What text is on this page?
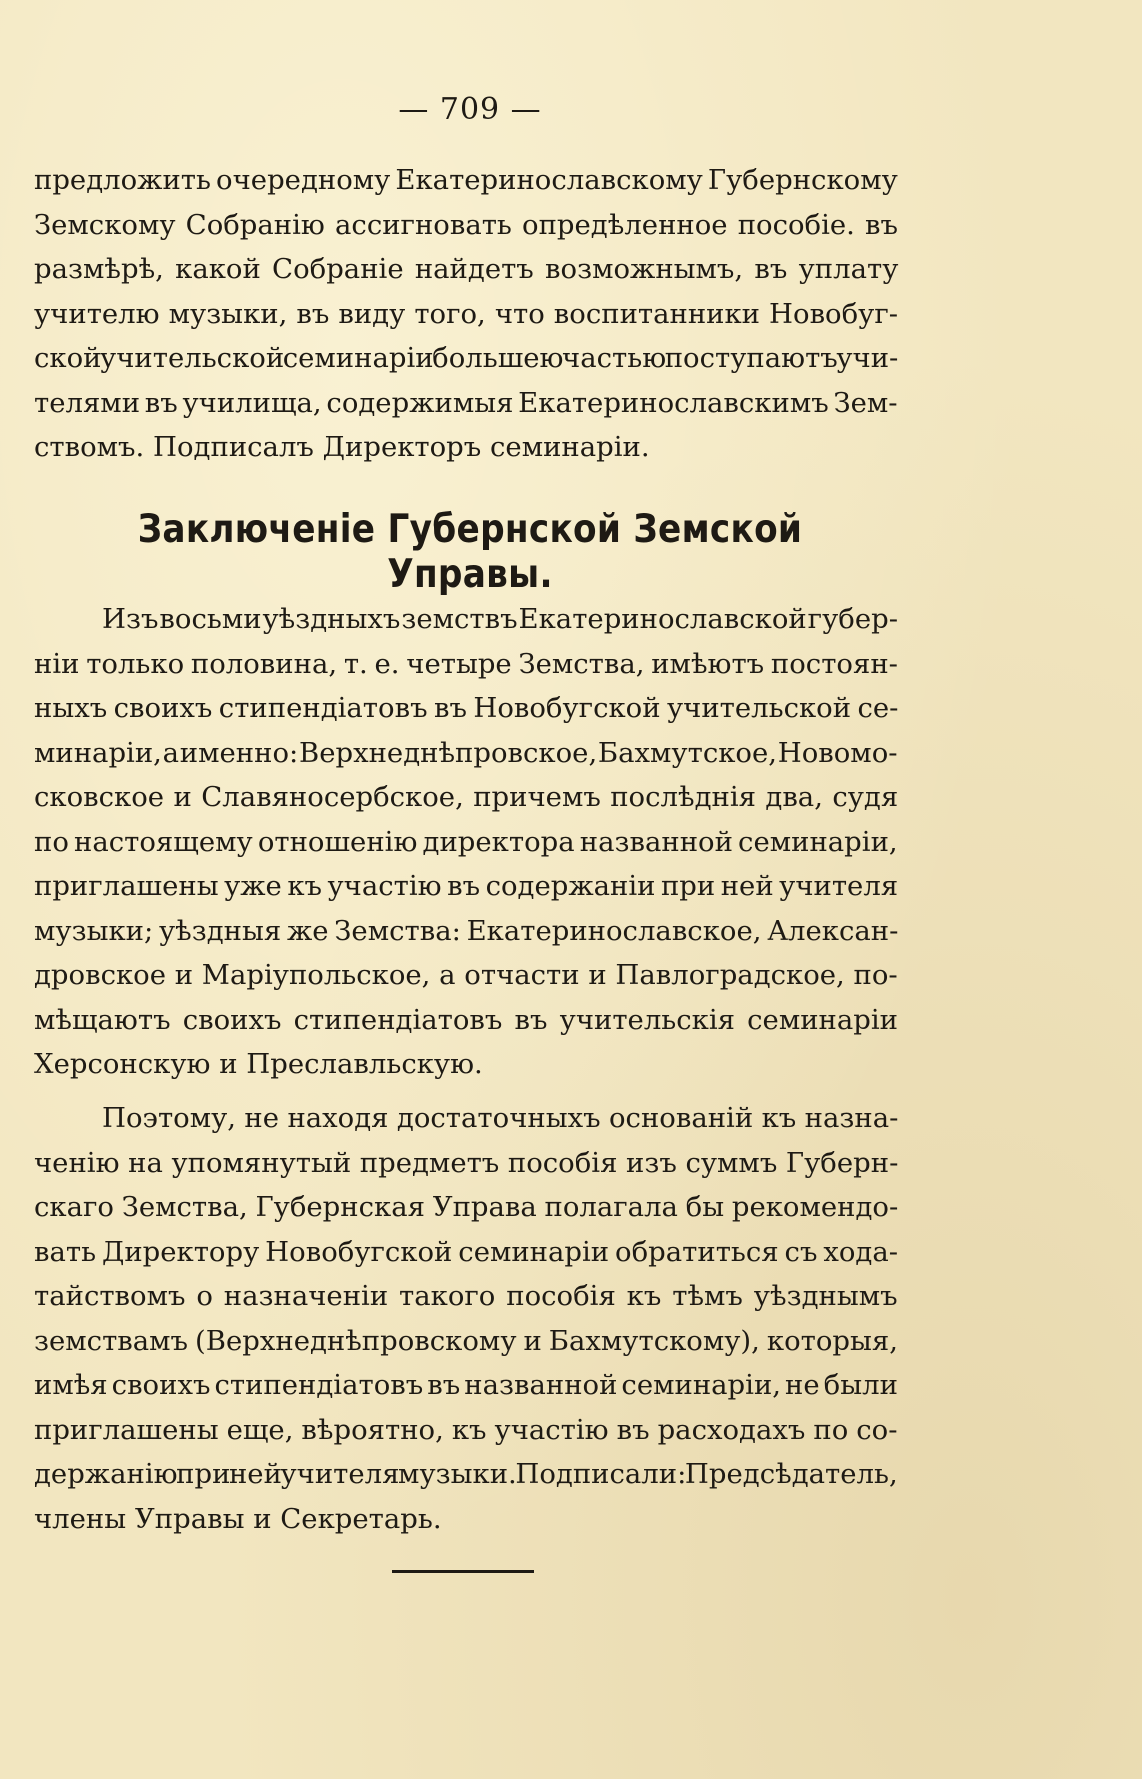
— 709 —
предложить очередному Екатеринославскому Губернскому
Земскому Собранію ассигновать опредѣленное пособіе. въ
размѣрѣ, какой Собраніе найдетъ возможнымъ, въ уплату
учителю музыки, въ виду того, что воспитанники Новобуг-
ской учительской семинаріи большею частью поступаютъ учи-
телями въ училища, содержимыя Екатеринославскимъ Зем-
ствомъ. Подписалъ Директоръ семинаріи.
Заключеніе Губернской Земской Управы.
Изъ восьми уѣздныхъ земствъ Екатеринославской губер-
ніи только половина, т. е. четыре Земства, имѣютъ постоян-
ныхъ своихъ стипендіатовъ въ Новобугской учительской се-
минаріи, а именно: Верхнеднѣпровское, Бахмутское, Новомо-
сковское и Славяносербское, причемъ послѣднія два, судя
по настоящему отношенію директора названной семинаріи,
приглашены уже къ участію въ содержаніи при ней учителя
музыки; уѣздныя же Земства: Екатеринославское, Алексан-
дровское и Маріупольское, а отчасти и Павлоградское, по-
мѣщаютъ своихъ стипендіатовъ въ учительскія семинаріи
Херсонскую и Преславльскую.
Поэтому, не находя достаточныхъ основаній къ назна-
ченію на упомянутый предметъ пособія изъ суммъ Губерн-
скаго Земства, Губернская Управа полагала бы рекомендо-
вать Директору Новобугской семинаріи обратиться съ хода-
тайствомъ о назначеніи такого пособія къ тѣмъ уѣзднымъ
земствамъ (Верхнеднѣпровскому и Бахмутскому), которыя,
имѣя своихъ стипендіатовъ въ названной семинаріи, не были
приглашены еще, вѣроятно, къ участію въ расходахъ по со-
держанію при ней учителя музыки. Подписали: Предсѣдатель,
члены Управы и Секретарь.
